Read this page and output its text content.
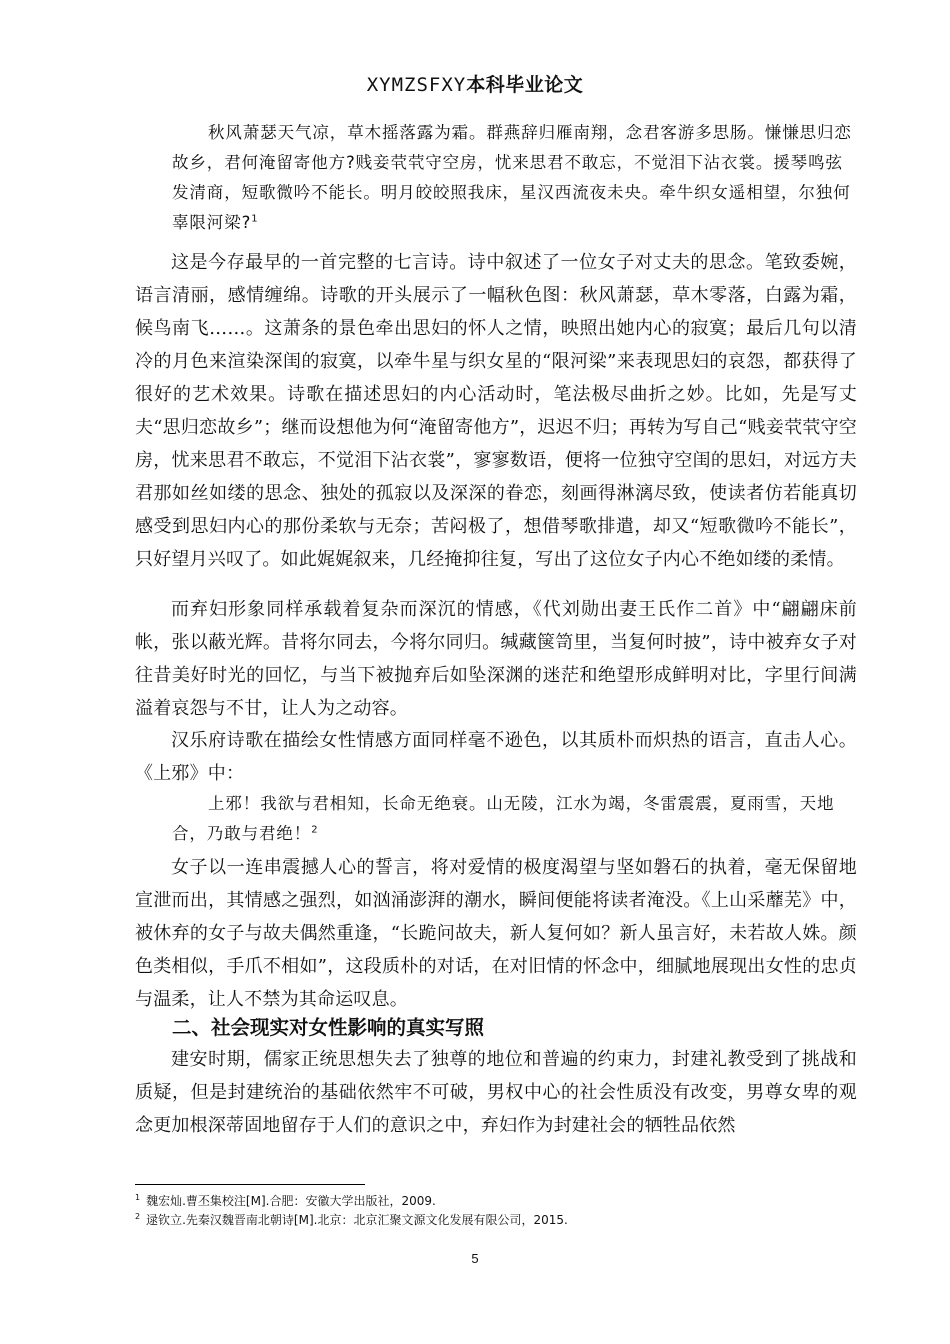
XYMZSFXY本科毕业论文
秋风萧瑟天气凉，草木摇落露为霜。群燕辞归雁南翔，念君客游多思肠。慊慊思归恋故乡，君何淹留寄他方?贱妾茕茕守空房，忧来思君不敢忘，不觉泪下沾衣裳。援琴鸣弦发清商，短歌微吟不能长。明月皎皎照我床，星汉西流夜未央。牵牛织女遥相望，尔独何辜限河梁?$^1$
这是今存最早的一首完整的七言诗。诗中叙述了一位女子对丈夫的思念。笔致委婉，语言清丽，感情缠绵。诗歌的开头展示了一幅秋色图：秋风萧瑟，草木零落，白露为霜，候鸟南飞……。这萧条的景色牵出思妇的怀人之情，映照出她内心的寂寞；最后几句以清冷的月色来渲染深闺的寂寞，以牵牛星与织女星的“限河梁”来表现思妇的哀怨，都获得了很好的艺术效果。诗歌在描述思妇的内心活动时，笔法极尽曲折之妙。比如，先是写丈夫“思归恋故乡”；继而设想他为何“淹留寄他方”，迟迟不归；再转为写自己“贱妾茕茕守空房，忧来思君不敢忘，不觉泪下沾衣裳”，寥寥数语，便将一位独守空闺的思妇，对远方夫君那如丝如缕的思念、独处的孤寂以及深深的眷恋，刻画得淋漓尽致，使读者仿若能真切感受到思妇内心的那份柔软与无奈；苦闷极了，想借琴歌排遣，却又“短歌微吟不能长”，只好望月兴叹了。如此娓娓叙来，几经掩抑往复，写出了这位女子内心不绝如缕的柔情。
而弃妇形象同样承载着复杂而深沉的情感，《代刘勋出妻王氏作二首》中“翩翩床前帐，张以蔽光辉。昔将尔同去，今将尔同归。缄藏箧笥里，当复何时披”，诗中被弃女子对往昔美好时光的回忆，与当下被抛弃后如坠深渊的迷茫和绝望形成鲜明对比，字里行间满溢着哀怨与不甘，让人为之动容。
汉乐府诗歌在描绘女性情感方面同样毫不逊色，以其质朴而炽热的语言，直击人心。《上邪》中：
上邪！我欲与君相知，长命无绝衰。山无陵，江水为竭，冬雷震震，夏雨雪，天地合，乃敢与君绝！$^2$
女子以一连串震撼人心的誓言，将对爱情的极度渴望与坚如磐石的执着，毫无保留地宣泄而出，其情感之强烈，如汹涌澎湃的潮水，瞬间便能将读者淹没。《上山采蘼芜》中，被休弃的女子与故夫偶然重逢，“长跪问故夫，新人复何如？新人虽言好，未若故人姝。颜色类相似，手爪不相如”，这段质朴的对话，在对旧情的怀念中，细腻地展现出女性的忠贞与温柔，让人不禁为其命运叹息。
二、社会现实对女性影响的真实写照
建安时期，儒家正统思想失去了独尊的地位和普遍的约束力，封建礼教受到了挑战和质疑，但是封建统治的基础依然牢不可破，男权中心的社会性质没有改变，男尊女卑的观念更加根深蒂固地留存于人们的意识之中，弃妇作为封建社会的牺牲品依然
$^1$ 魏宏灿.曹丕集校注[M].合肥：安徽大学出版社，2009.
$^2$ 逯钦立.先秦汉魏晋南北朝诗[M].北京：北京汇聚文源文化发展有限公司，2015.
5
